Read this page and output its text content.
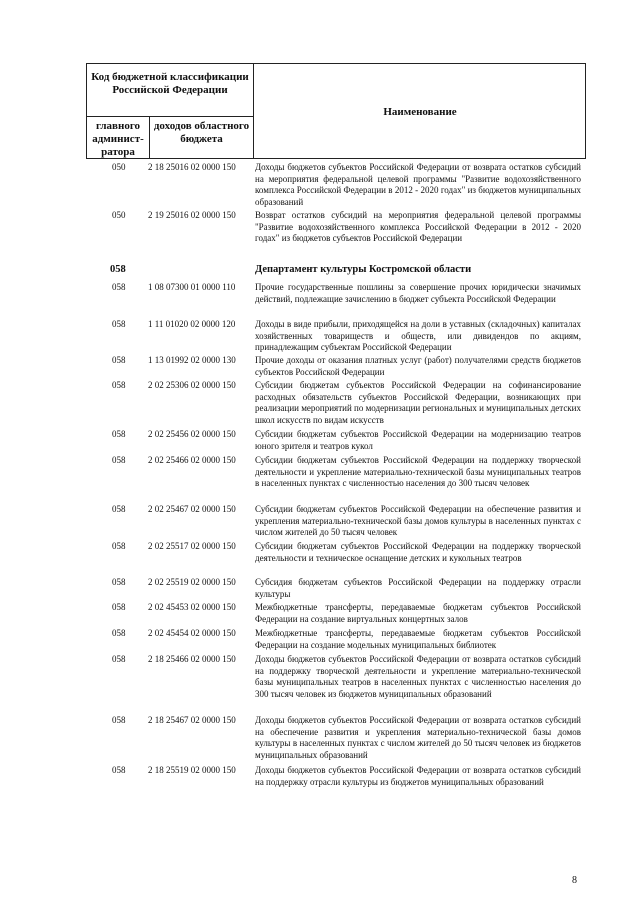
Код бюджетной классификации Российской Федерации
главного админист-ратора
доходов областного бюджета
Наименование
050	2 18 25016 02 0000 150 Доходы бюджетов субъектов Российской Федерации от возврата остатков субсидий на мероприятия федеральной целевой программы "Развитие водохозяйственного комплекса Российской Федерации в 2012 - 2020 годах" из бюджетов муниципальных образований
050	2 19 25016 02 0000 150 Возврат остатков субсидий на мероприятия федеральной целевой программы "Развитие водохозяйственного комплекса Российской Федерации в 2012 - 2020 годах" из бюджетов субъектов Российской Федерации
058	Департамент культуры Костромской области
058	1 08 07300 01 0000 110 Прочие государственные пошлины за совершение прочих юридически значимых действий, подлежащие зачислению в бюджет субъекта Российской Федерации
058	1 11 01020 02 0000 120 Доходы в виде прибыли, приходящейся на доли в уставных (складочных) капиталах хозяйственных товариществ и обществ, или дивидендов по акциям, принадлежащим субъектам Российской Федерации
058	1 13 01992 02 0000 130 Прочие доходы от оказания платных услуг (работ) получателями средств бюджетов субъектов Российской Федерации
058	2 02 25306 02 0000 150 Субсидии бюджетам субъектов Российской Федерации на софинансирование расходных обязательств субъектов Российской Федерации, возникающих при реализации мероприятий по модернизации региональных и муниципальных детских школ искусств по видам искусств
058	2 02 25456 02 0000 150 Субсидии бюджетам субъектов Российской Федерации на модернизацию театров юного зрителя и театров кукол
058	2 02 25466 02 0000 150 Субсидии бюджетам субъектов Российской Федерации на поддержку творческой деятельности и укрепление материально-технической базы муниципальных театров в населенных пунктах с численностью населения до 300 тысяч человек
058	2 02 25467 02 0000 150 Субсидии бюджетам субъектов Российской Федерации на обеспечение развития и укрепления материально-технической базы домов культуры в населенных пунктах с числом жителей до 50 тысяч человек
058	2 02 25517 02 0000 150 Субсидии бюджетам субъектов Российской Федерации на поддержку творческой деятельности и техническое оснащение детских и кукольных театров
058	2 02 25519 02 0000 150 Субсидия бюджетам субъектов Российской Федерации на поддержку отрасли культуры
058	2 02 45453 02 0000 150 Межбюджетные трансферты, передаваемые бюджетам субъектов Российской Федерации на создание виртуальных концертных залов
058	2 02 45454 02 0000 150 Межбюджетные трансферты, передаваемые бюджетам субъектов Российской Федерации на создание модельных муниципальных библиотек
058	2 18 25466 02 0000 150 Доходы бюджетов субъектов Российской Федерации от возврата остатков субсидий на поддержку творческой деятельности и укрепление материально-технической базы муниципальных театров в населенных пунктах с численностью населения до 300 тысяч человек из бюджетов муниципальных образований
058	2 18 25467 02 0000 150 Доходы бюджетов субъектов Российской Федерации от возврата остатков субсидий на обеспечение развития и укрепления материально-технической базы домов культуры в населенных пунктах с числом жителей до 50 тысяч человек из бюджетов муниципальных образований
058	2 18 25519 02 0000 150 Доходы бюджетов субъектов Российской Федерации от возврата остатков субсидий на поддержку отрасли культуры из бюджетов муниципальных образований
8
